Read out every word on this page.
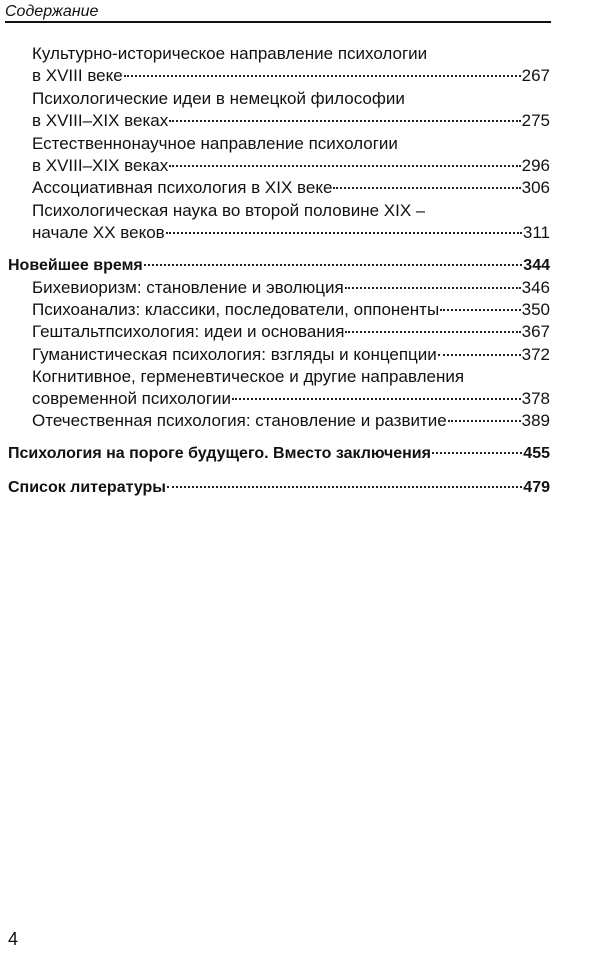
Содержание
Культурно-историческое направление психологии
в XVIII веке	267
Психологические идеи в немецкой философии
в XVIII–XIX веках	275
Естественнонаучное направление психологии
в XVIII–XIX веках	296
Ассоциативная психология в XIX веке	306
Психологическая наука во второй половине XIX –
начале XX веков	311
Новейшее время	344
Бихевиоризм: становление и эволюция	346
Психоанализ: классики, последователи, оппоненты	350
Гештальтпсихология: идеи и основания	367
Гуманистическая психология: взгляды и концепции	372
Когнитивное, герменевтическое и другие направления
современной психологии	378
Отечественная психология: становление и развитие	389
Психология на пороге будущего. Вместо заключения	455
Список литературы	479
4
